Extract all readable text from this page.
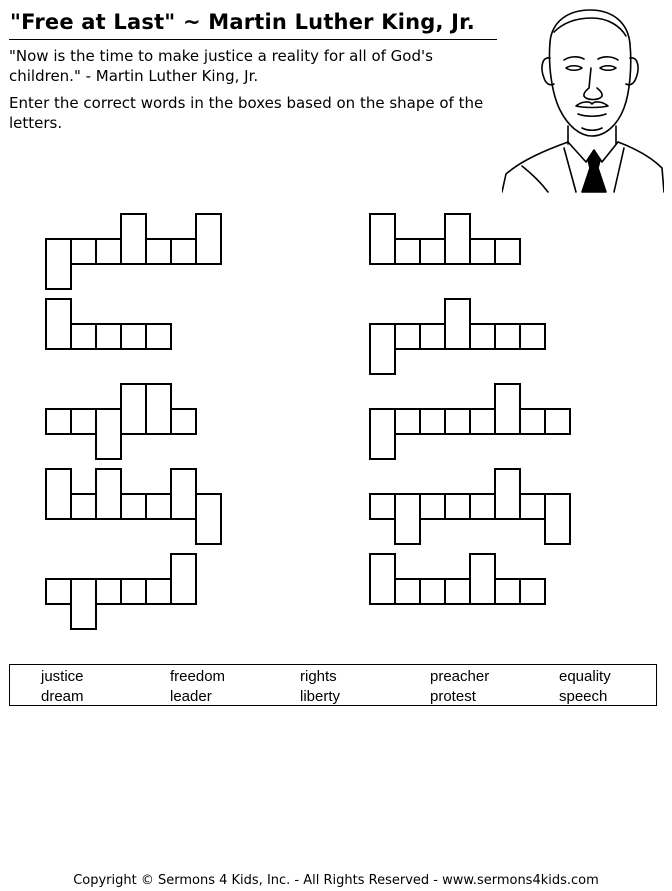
"Free at Last" ~ Martin Luther King, Jr.

"Now is the time to make justice a reality for all of God's children." - Martin Luther King, Jr.

Enter the correct words in the boxes based on the shape of the letters.

justice	freedom	rights	preacher	equality
dream	leader	liberty	protest	speech
Copyright © Sermons 4 Kids, Inc. - All Rights Reserved - www.sermons4kids.com
